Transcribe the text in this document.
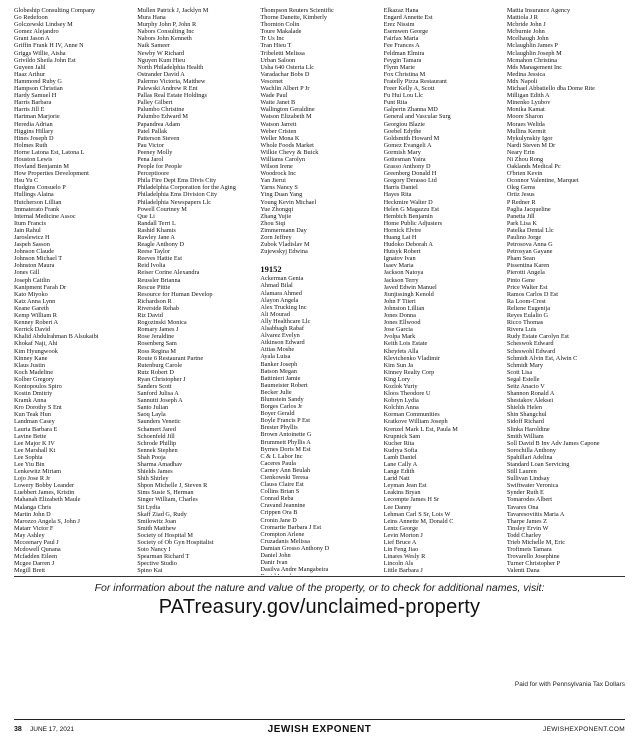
Globeship Consulting Company
Go Redefoon
Golczewski Lindsey M
Gomez Alejandro
Grant Jason A
Griffin Frank H IV, Anne N
Griggs Willie, Aisha
Grivildo Sheila John Est
Guyeen Jalil
Haaz Arthur
Hammond Ruby G
Hampson Christian
Hardy Samuel H
Harris Barbara
Harris Jill E
Hartman Marjorie
Heredia Adrian
Higgins Hillary
Hines Joseph D
Holmes Ruth
Horne Latona Est, Latona L
Houston Lewis
Hovland Benjamin M
How Properties Development
Hsu Yu C
Hudgins Consuelo P
Hullings Alaina
Hutcherson Lillian
Immaterato Frank
Internal Medicine Assoc
Itum Francis
Jain Rahul
Jaroslewicz H
Jaspeh Sasson
Johnson Claude
Johnson Michael T
Johnston Maura
Jones Gill
Joseph Caitlin
Kanipment Farah Dr
Kato Miyoko
Katz Anna Lynn
Keane Gareth
Kemp William R
Kenney Robert A
Kerrick David
Khalid Abdulrahman B Alsukaibi
Khokaf Naji, Ahi
Kim Hyungwook
Kinney Kane
Klaus Justin
Koch Madeline
Kolber Gregory
Kontopoulos Spiro
Kostin Dmitriy
Kramk Anna
Kro Dorothy S Ent
Kun Teak Hun
Landman Casey
Lauria Barbara E
Lavine Bette
Lee Major K IV
Lee Marshall Kt
Lee Sophia
Lee Yiu Bin
Lenkewitz Miriam
Lojo Jose R Jr
Lowery Bobby Leander
Luebbert James, Kristin
Mahanah Elizabeth Maule
Malanga Chris
Martin John D
Marozzo Angela S, John J
Matarr Victor F
May Ashley
Mcceenary Paul J
Mcdowell Qunana
Mcfadden Eileen
Mcgee Darren J
Megill Brett
Mullen Patrick J, Jacklyn M
Mura Hana
Murphy John P, John R
Nabors Consulting Inc
Nabors John Kenneth
Naik Sameer
Newby W Richard
Nguyen Kum Hieu
North Philadelphia Health
Ostrander David A
Palermo Victoria, Matthew
Palewski Andrew R Ent
Pallas Real Estate Holdings
Palley Gilbert
Palumbo Christine
Palumbo Edward M
Papandrea Adam
Patel Pallak
Patterson Steven
Pau Victor
Peeney Molly
Pena Jarol
People for People
Perceptioore
Phila Fire Dept Ems Divis City
Philadelphia Corporation for the Aging
Philadelphia Ems Division City
Philadelphia Newspapers Llc
Powell Courtney M
Que Li
Randall Terri L
Rashid Khamis
Rawley Jane A
Reagle Anthony D
Reese Taylor
Reeves Hattie Est
Reid Ivolia
Reiser Corine Alexandra
Reussler Brianna
Rescue Pittie
Resource for Human Develop
Richardson R
Riverside Rehab
Riz David
Rogozinski Monica
Romary James J
Rose Jeraldine
Rosenberg Sam
Ross Regina M
Route 6 Restaurant Partne
Rutenburg Carole
Rutz Robert D
Ryan Christopher J
Sanders Scott
Sanford Julisa A
Sannutti Joseph A
Santo Julian
Saoq Layla
Saunders Venetic
Schamert Jared
Schoenfeld Jill
Schrode Phillip
Sennek Stephen
Shah Pooja
Sharma Amadhav
Shields James
Shih Shirley
Shpon Michelle J, Steven R
Sims Susie S, Herman
Singer William, Charles
Sit Lydia
Skaff Ziad G, Rudy
Smilowitz Joan
Smith Matthew
Society of Hospital M
Society of Ob Gyn Hospitalist
Soto Nancy I
Spearman Richard T
Spective Studio
Spino Kai
Thompson Reuters Scientific
Thorne Danette, Kimberly
Thornton Colin
Toure Makalade
Tr Us Inc
Tran Hieu T
Tribeletti Melissa
Urban Saloon
Usha 640 Osteria Llc
Varadachar Bobs D
Vescenet
Wachlin Albert P Jr
Wade Paul
Waite Janet B
Wallington Geraldine
Watson Elizabeth M
Watson Jarrett
Weber Cristen
Weller Mona K
Whole Foods Market
Wilkie Chevy & Buick
Williams Carolyn
Wilson Irene
Woodrock Inc
Yan Jierui
Yarns Nancy S
Ying Duan Yang
Young Kevin Michael
Yue Zhongqi
Zhang Yujie
Zhou Siqi
Zimmermann Day
Zorn Jeffrey
Zubok Vladislav M
Zujewskyj Edwina

19152
Ackerman Genia
Ahmad Bilal
Alamara Ahmed
Alayon Angela
Alex Trucking Inc
Ali Mourad
Ally Healthcare Llc
Alsabbagh Rabaf
Alvarez Evelyn
Atkinson Edward
Attias Moshe
Ayala Luisa
Banker Joseph
Batson Megan
Battinieri Jamie
Baumeister Robert
Becker Julie
Blumstein Sandy
Borges Carlos Jr
Boyer Gerald
Boyle Francis P Est
Brester Phyllis
Brown Antoinette G
Brummett Phyllis A
Byrnes Doris M Est
C & L Labor Inc
Caceres Paula
Carney Ann Beulah
Cienkowski Teresa
Clauss Claire Est
Collins Brian S
Conrad Reba
Cravand Jeannine
Crippen Ora B
Cronin Jane D
Cromartie Barbara J Est
Crompton Arlene
Cruzadanis Melissa
Damian Grosso Anthony D
Daniel John
Danir Ivan
Dasilva Andre Mangabeira
Elkazaz Hana
Engard Annette Est
Erez Nissim
Esemwen George
Fairfax Maria
Fee Frances A
Feldman Elmira
Feygin Tamara
Flynn Marie
Fox Christina M
Fratelly Pizza Restaurant
Freer Kelly A, Scott
Fu Hui Lou Llc
Funt Rita
Galperin Zhanna MD
General and Vascular Surg
Georgiou Blazie
Goebel Edythe
Goldsmith Howard M
Gomez Evangeli A
Gormish Mary
Gottesman Yaira
Grasso Anthony D
Greenberg Donald H
Gregory Derasso Ltd
Harris Daniel
Hayes Rita
Heckmire Walter D
Helen G Magazzu Est
Hembich Benjamin
Home Public Adjusters
Hornick Elvire
Huang Lai H
Hudoko Deborah A
Hutsyk Robert
Ignatov Ivan
Isaev Maria
Jackson Natoya
Jackson Terry
Javed Edwin Manuel
Jiunjissingh Kenold
John F Tiieri
Johnston Lillian
Jones Donna
Jones Ellwood
Jose Garcia
Jvolpa Mark
Keith Lois Estate
Kheyfets Alla
Klevichenko Vladimir
Kim Sun Ja
Kinney Realty Corp
King Lory
Kozlok Yuriy
Kloos Theodore U
Kobryn Lydia
Kolchin Anna
Korman Communities
Kratkove William Joseph
Krenzel Mark L Est, Paula M
Krupnick Sam
Kucher Rita
Kudrya Sofia
Lamb Daniel
Lane Cally A
Lange Edith
Larid Natt
Leyman Jean Est
Leakins Bryan
Lecompte James H Sr
Lee Danny
Lehman Carl S Sr, Lois W
Leins Annette M, Donald C
Lentz George
Levin Morton J
Lief Bruce A
Lin Feng Jiao
Linares Wesly R
Lincoln Als
Little Barbara J
Mattia Insurance Agency
Mattiola J R
Mcbride John J
Mcburnie John
Mcelhaugh John
Mclaughlin James P
Mclaughlin Joseph M
Mcmahon Christina
Mds Management Inc
Medina Jessica
Mdx Napoli
Michael Abbatiello dba Dome Rite
Milligan Edith A
Minenko Lyubov
Monika Kamat
Moore Sharon
Moraes Welida
Mullins Kermit
Mykulynskiy Igor
Nardi Steven M Dr
Neary Erin
Ni Zhou Rong
Oaklands Medical Pc
O'brien Kevin
Oconnor Valentine, Marquet
Oleg Gems
Ortiz Jesus
P Redner R
Paglia Jacqueline
Panetta Jill
Park Lisa K
Patelka Dental Llc
Paulino Jorge
Petrosova Anna G
Petrosyan Gayane
Pham Sean
Pissentina Karen
Pierotti Angela
Pinto Gene
Price Walter Est
Ramos Carlos D Est
Ra Loom-Crest
Reliene Eugenija
Reyes Eulalio G
Ricco Thomas
Rivera Luis
Rudy Estate Carolyn Est
Scheswok Edward
Scheswohl Edward
Schmidt Alvin Est, Alwin C
Schmidt Mary
Scott Lisa
Segal Estelle
Seitz Anacio V
Shannon Ronald A
Shestakov Aleksei
Shields Helen
Shin Shangchul
Sidoff Richard
Slinka Haroldine
Smith William
Soll David B Inv Adv James Capone
Sorochilla Anthony
Spahillari Adelina
Standard Loan Servicing
Still Lauren
Sullivan Lindsay
Swiftwater Veronica
Synder Ruth E
Tomarodes Albert
Tavares Ona
Tavaresoviitis Maria A
Tharpe James Z
Tinsley Ervin W
Todd Charley
Trieb Michelle M, Eric
Trofimets Tamara
Trovarello Josephine
Turner Christopher P
Valenti Dana
For information about the nature and value of the property, or to check for additional names, visit:
PATreasury.gov/unclaimed-property
Paid for with Pennsylvania Tax Dollars
38 JUNE 17, 2021	JEWISH EXPONENT	JEWISHEXPONENT.COM
